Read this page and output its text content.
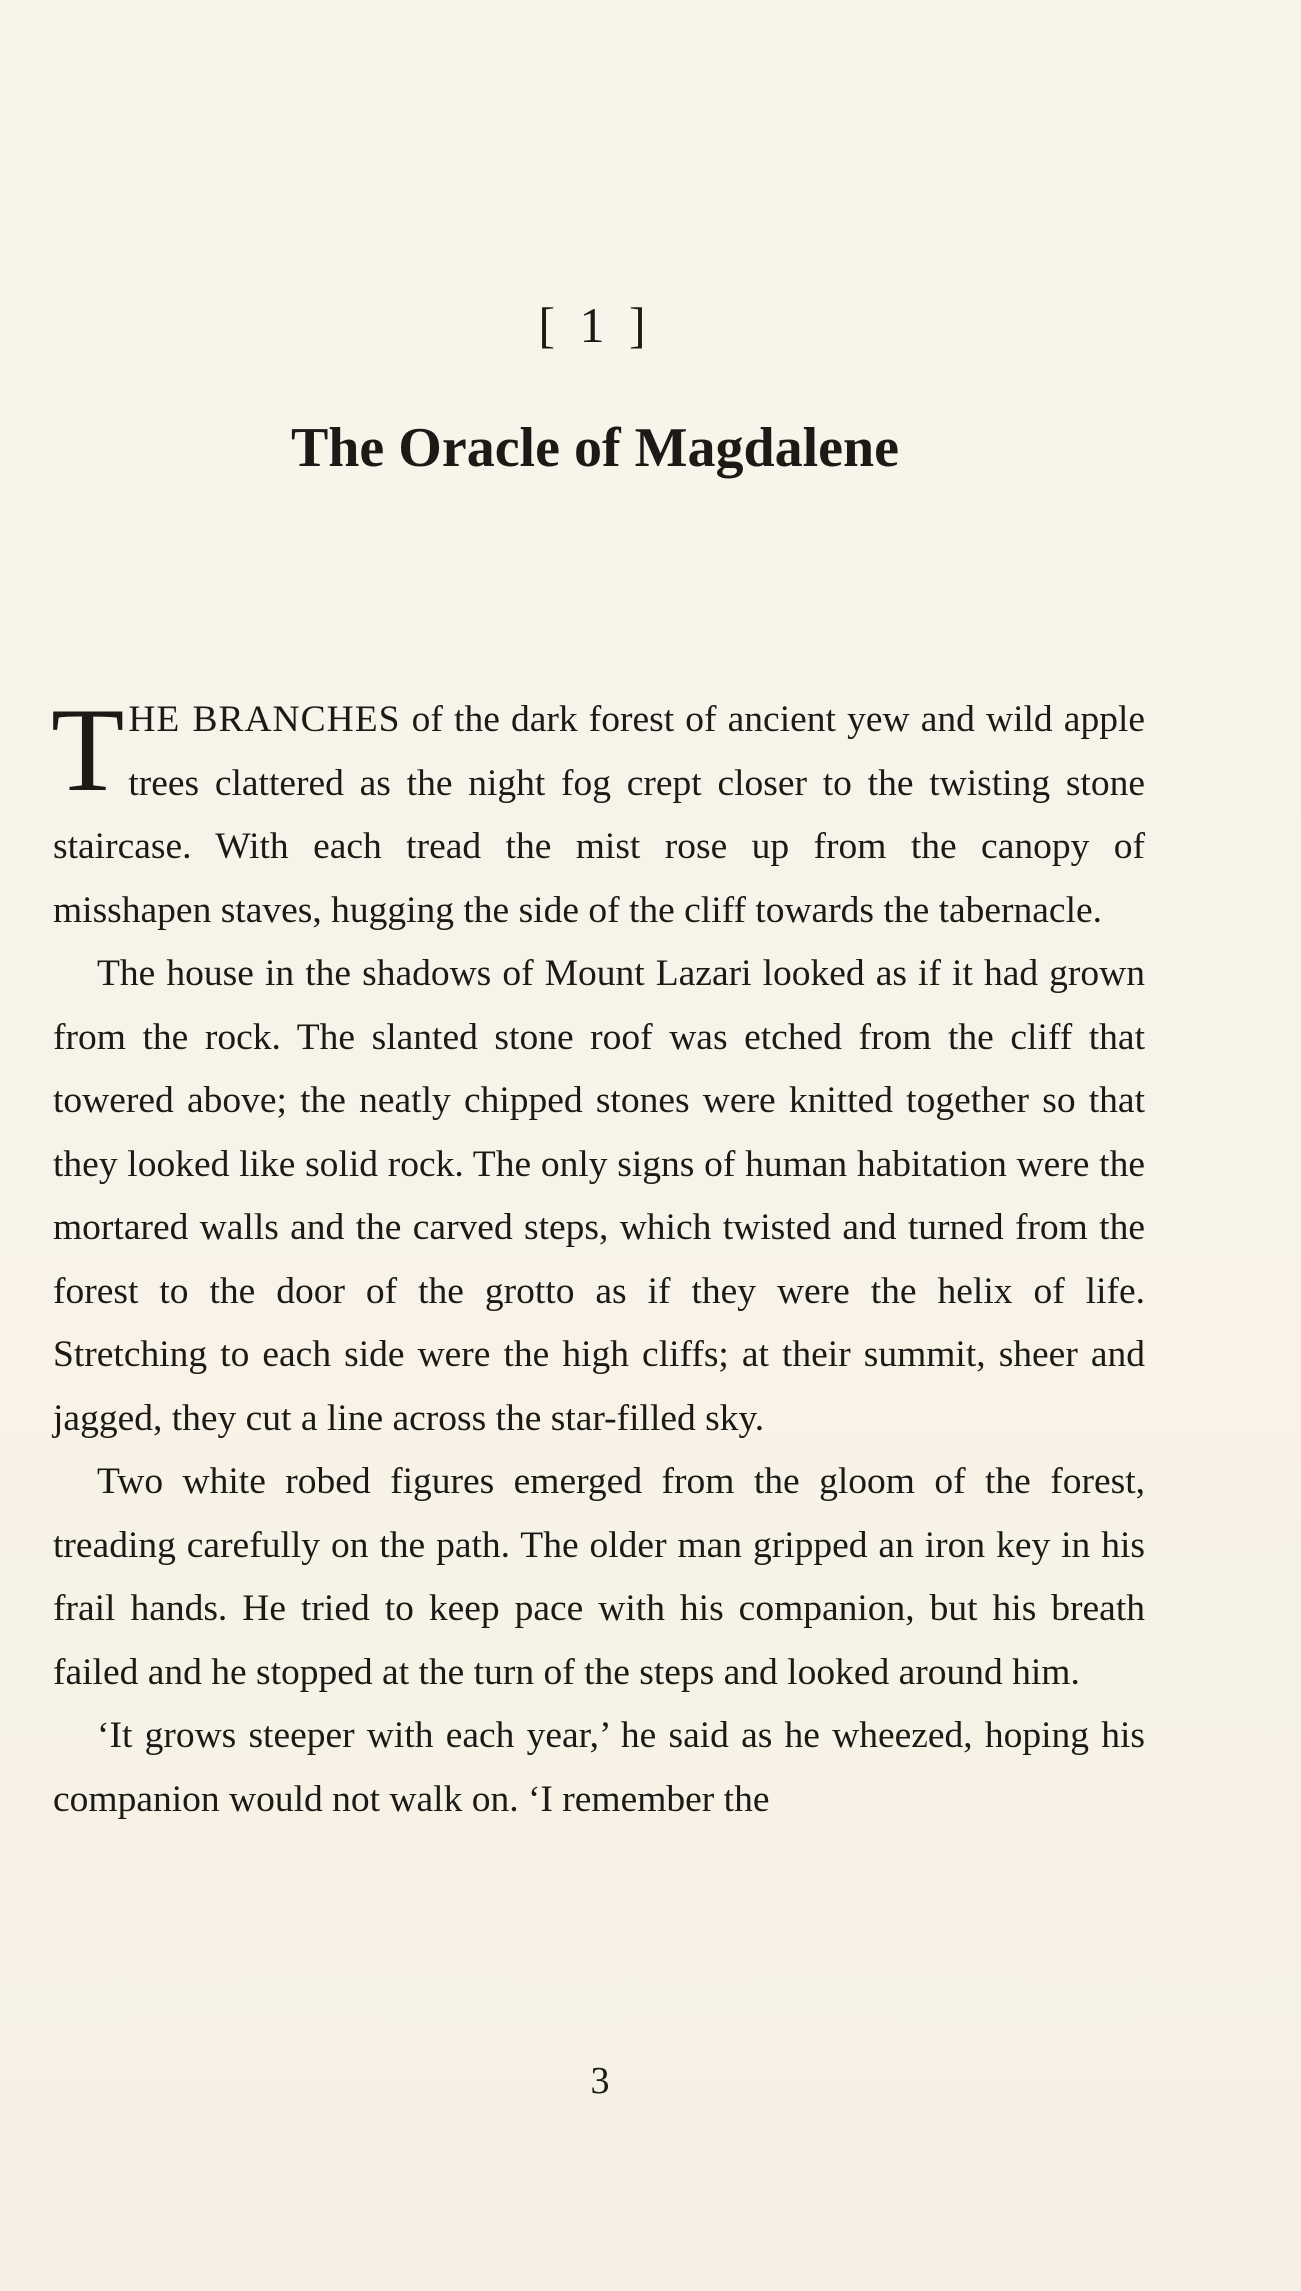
[ 1 ]
The Oracle of Magdalene

THE BRANCHES of the dark forest of ancient yew and wild apple trees clattered as the night fog crept closer to the twisting stone staircase. With each tread the mist rose up from the canopy of misshapen staves, hugging the side of the cliff towards the tabernacle.

The house in the shadows of Mount Lazari looked as if it had grown from the rock. The slanted stone roof was etched from the cliff that towered above; the neatly chipped stones were knitted together so that they looked like solid rock. The only signs of human habitation were the mortared walls and the carved steps, which twisted and turned from the forest to the door of the grotto as if they were the helix of life. Stretching to each side were the high cliffs; at their summit, sheer and jagged, they cut a line across the star-filled sky.

Two white robed figures emerged from the gloom of the forest, treading carefully on the path. The older man gripped an iron key in his frail hands. He tried to keep pace with his companion, but his breath failed and he stopped at the turn of the steps and looked around him.

‘It grows steeper with each year,’ he said as he wheezed, hoping his companion would not walk on. ‘I remember the

3
